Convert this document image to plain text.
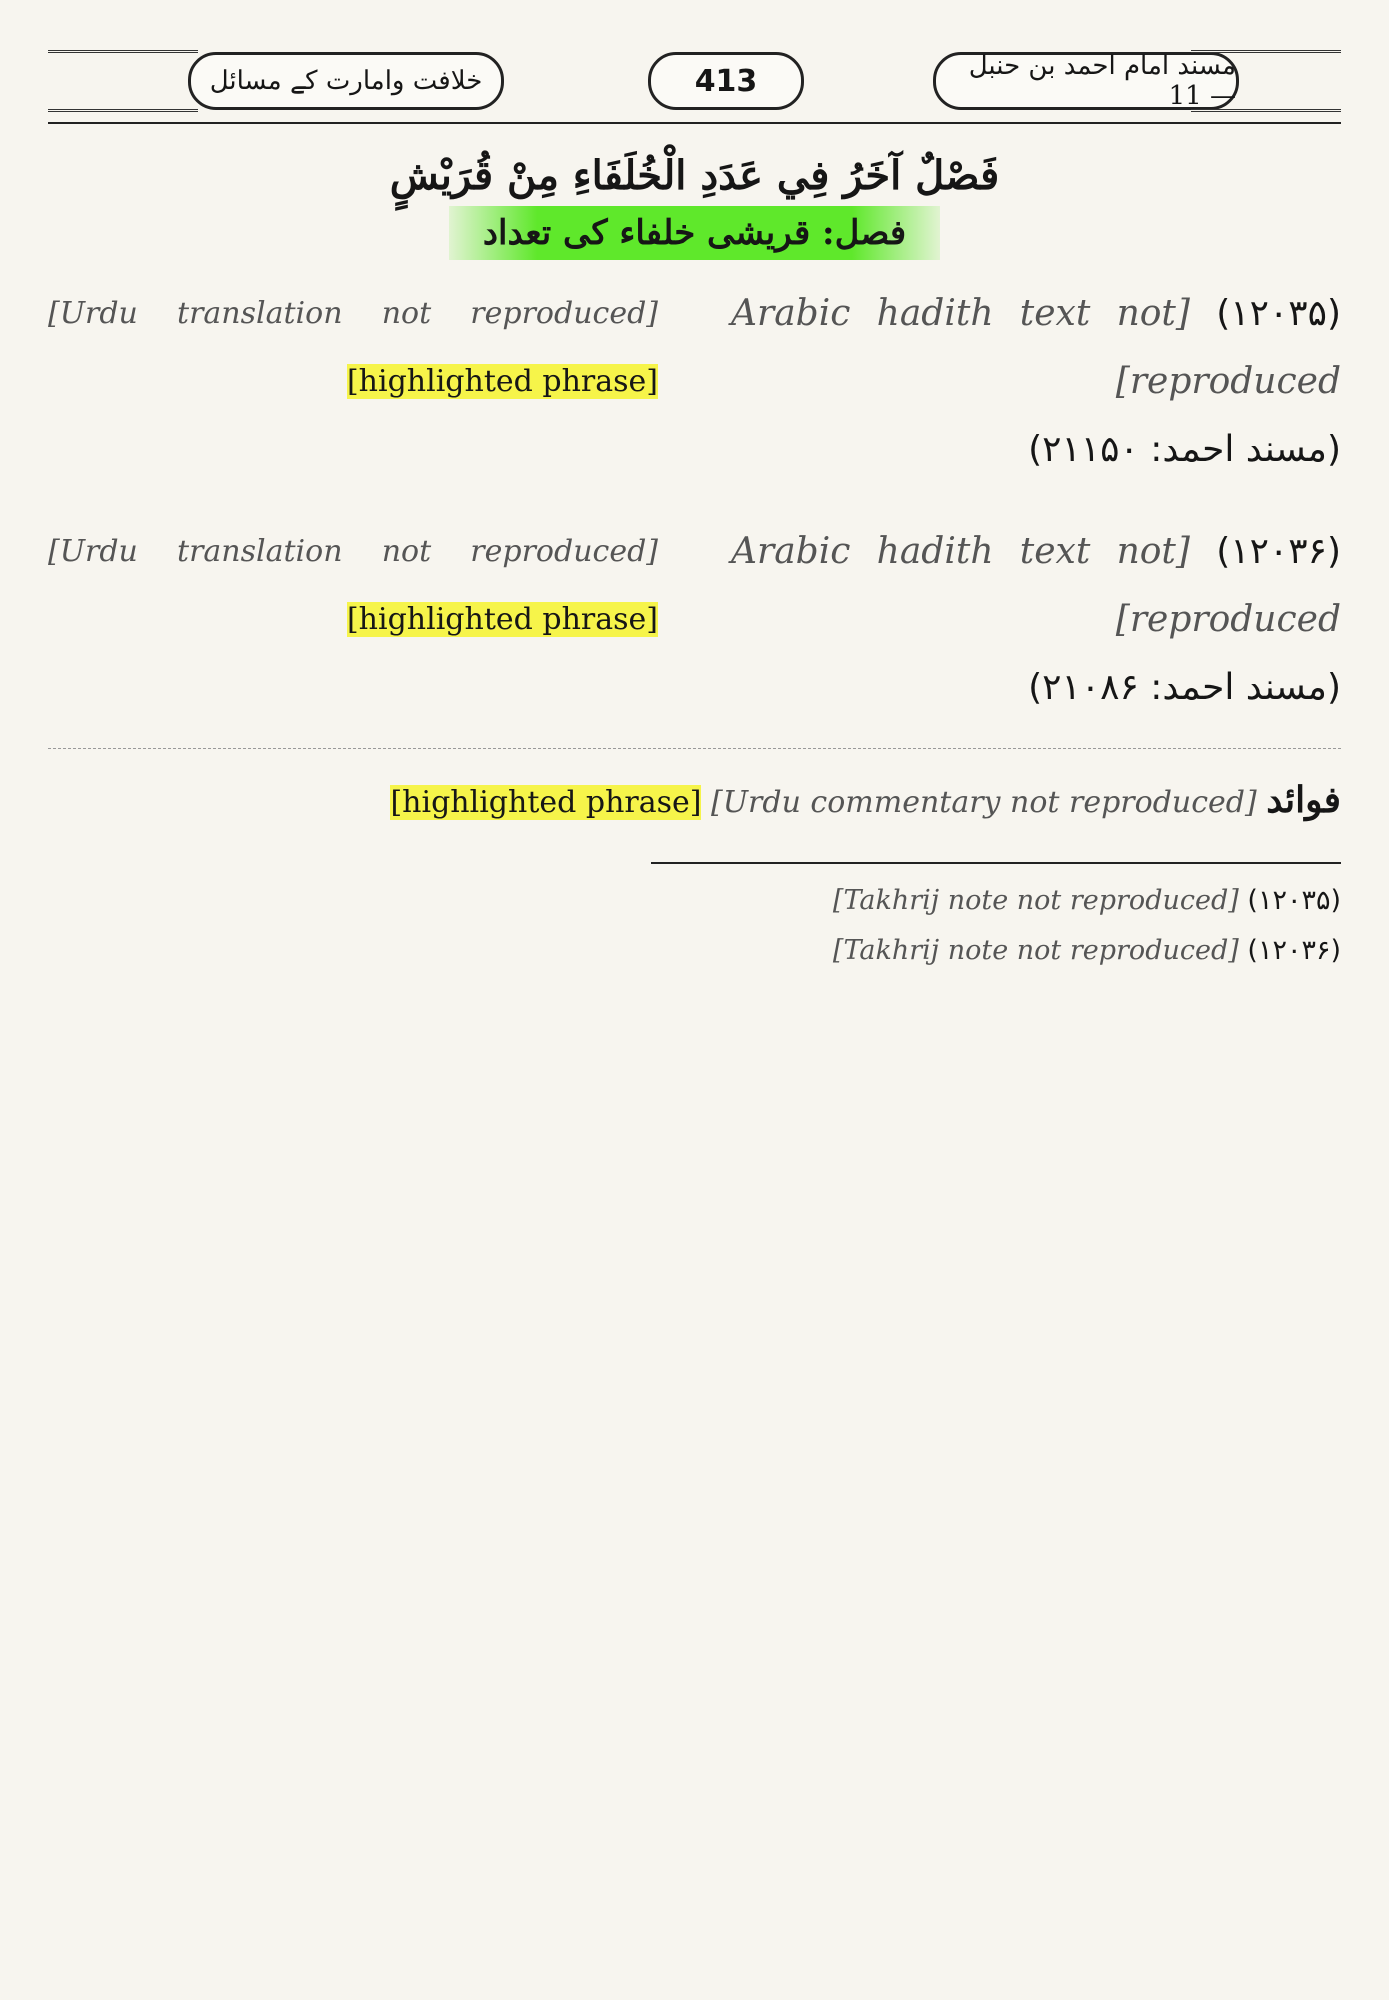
خلافت وامارت کے مسائل	413	مسند امام احمد بن حنبل — 11
فَصْلٌ آخَرُ فِي عَدَدِ الْخُلَفَاءِ مِنْ قُرَيْشٍ
فصل: قریشی خلفاء کی تعداد
(۱۲۰۳۵) [Arabic hadith text not reproduced]
(مسند احمد: ۲۱۱۵۰)
[Urdu translation not reproduced] [highlighted phrase]
(۱۲۰۳۶) [Arabic hadith text not reproduced]
(مسند احمد: ۲۱۰۸۶)
[Urdu translation not reproduced] [highlighted phrase]
فوائد [Urdu commentary not reproduced] [highlighted phrase]
(۱۲۰۳۵) [Takhrij note not reproduced]
(۱۲۰۳۶) [Takhrij note not reproduced]
